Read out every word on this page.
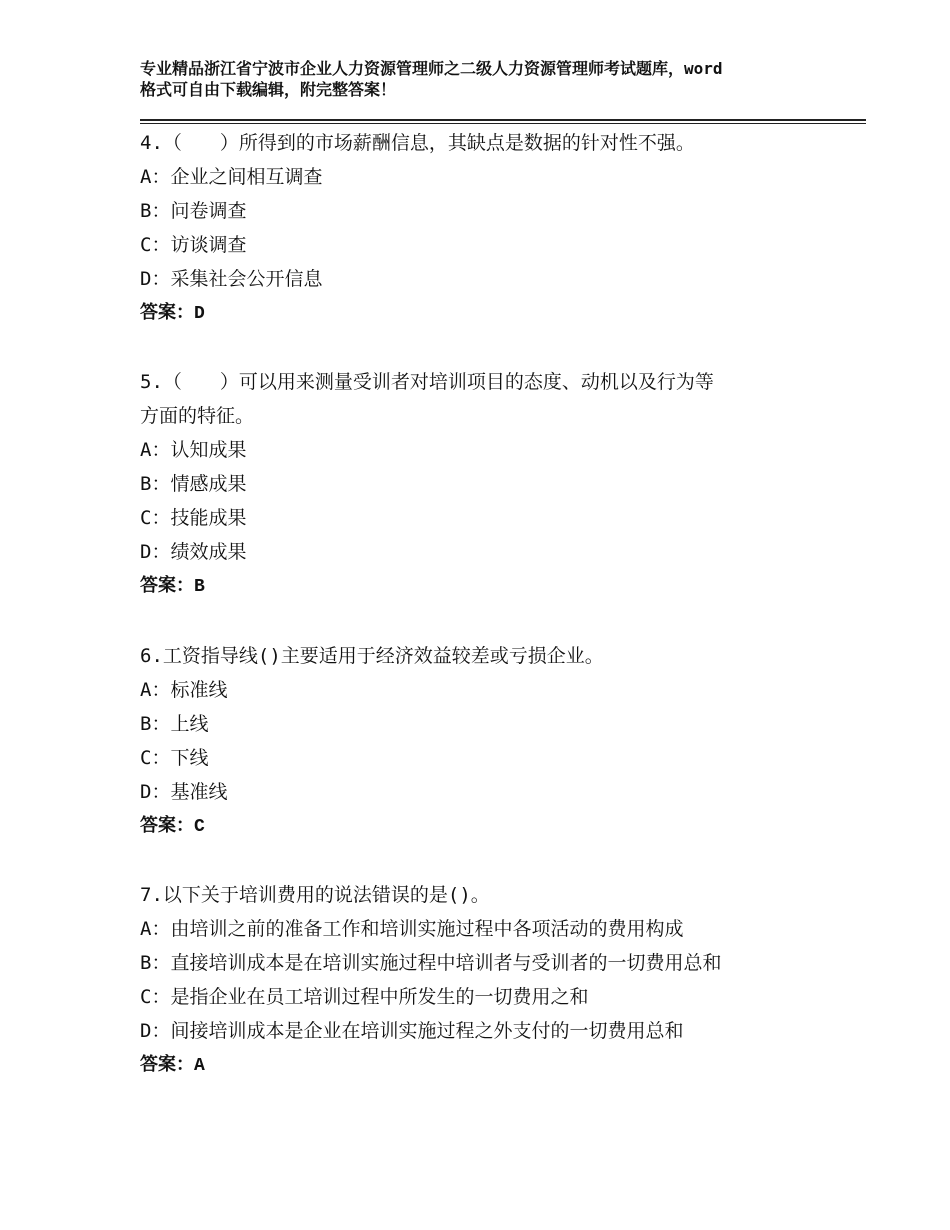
专业精品浙江省宁波市企业人力资源管理师之二级人力资源管理师考试题库，word
格式可自由下载编辑，附完整答案！
4.（　　）所得到的市场薪酬信息，其缺点是数据的针对性不强。
A：企业之间相互调查
B：问卷调查
C：访谈调查
D：采集社会公开信息
答案：D
5.（　　）可以用来测量受训者对培训项目的态度、动机以及行为等
方面的特征。
A：认知成果
B：情感成果
C：技能成果
D：绩效成果
答案：B
6.工资指导线()主要适用于经济效益较差或亏损企业。
A：标准线
B：上线
C：下线
D：基准线
答案：C
7.以下关于培训费用的说法错误的是()。
A：由培训之前的准备工作和培训实施过程中各项活动的费用构成
B：直接培训成本是在培训实施过程中培训者与受训者的一切费用总和
C：是指企业在员工培训过程中所发生的一切费用之和
D：间接培训成本是企业在培训实施过程之外支付的一切费用总和
答案：A
